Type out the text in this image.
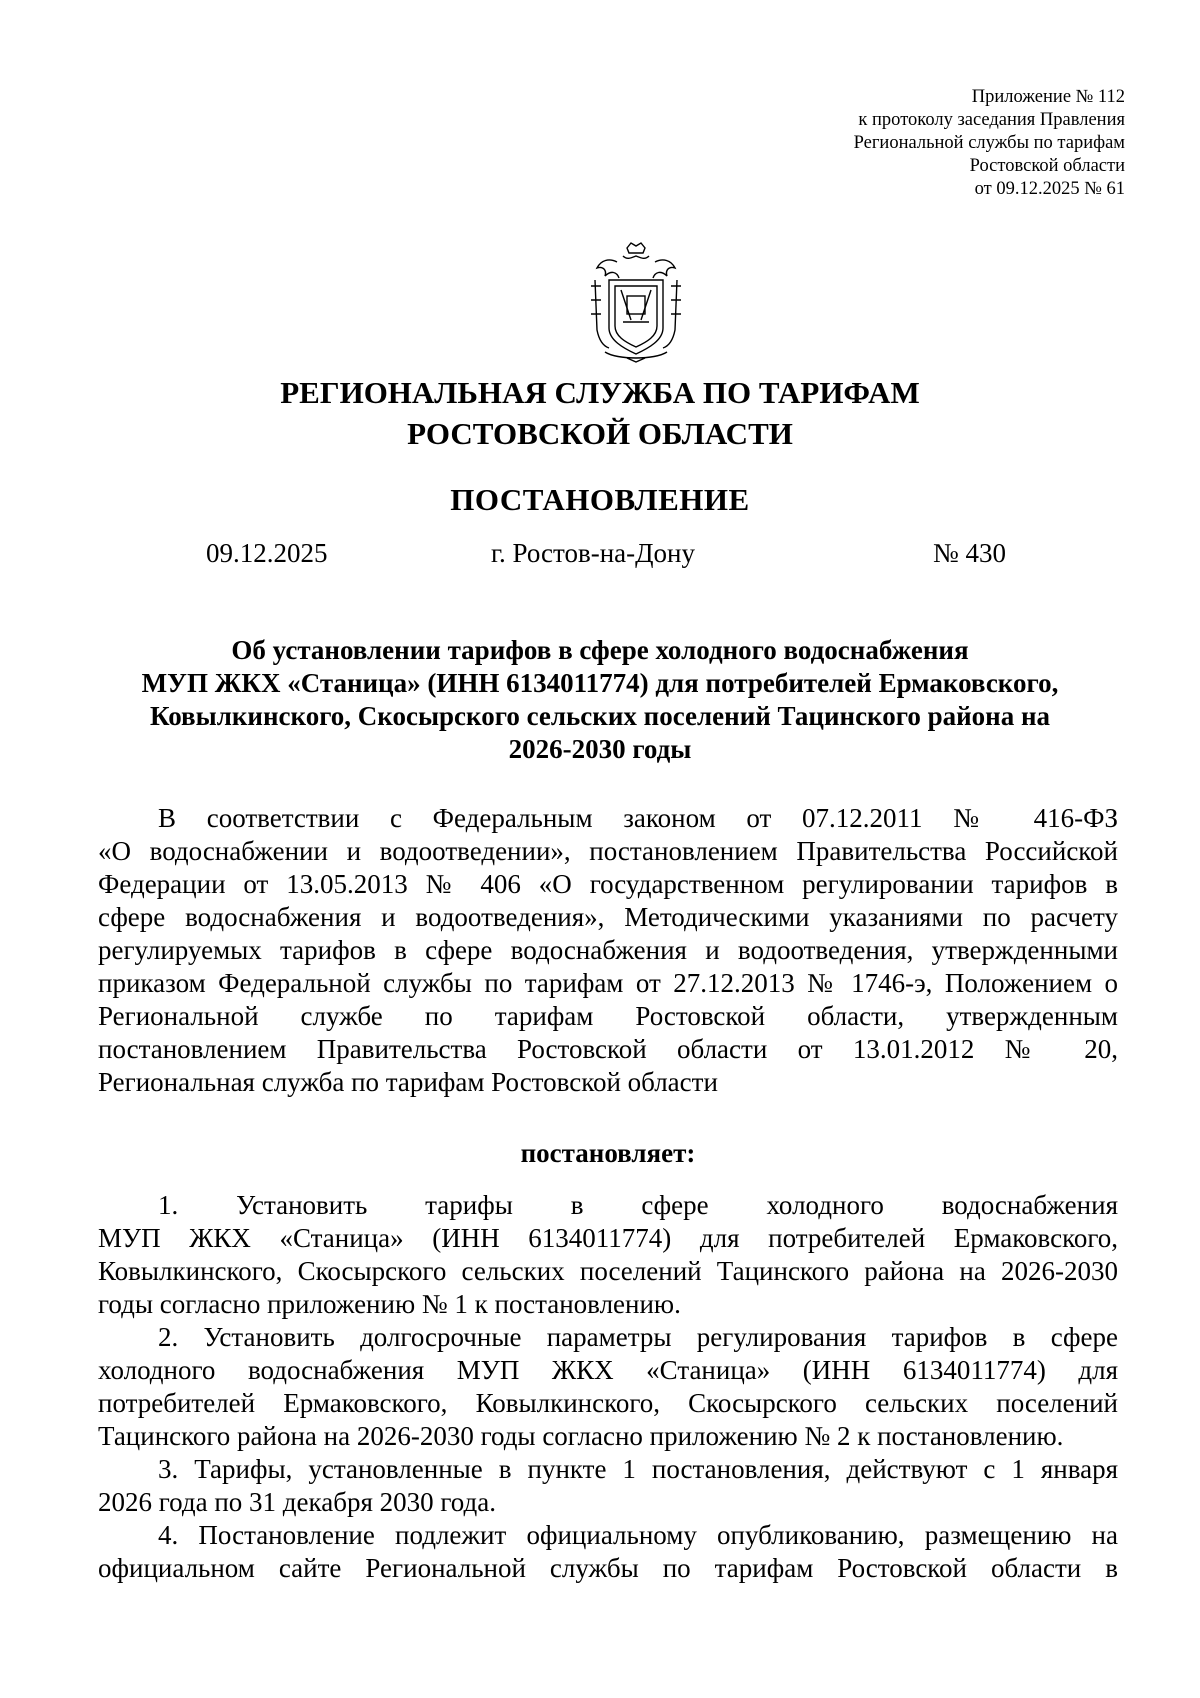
Приложение № 112
к протоколу заседания Правления
Региональной службы по тарифам
Ростовской области
от 09.12.2025 № 61
РЕГИОНАЛЬНАЯ СЛУЖБА ПО ТАРИФАМ
РОСТОВСКОЙ ОБЛАСТИ
ПОСТАНОВЛЕНИЕ
09.12.2025	г. Ростов-на-Дону	№ 430
Об установлении тарифов в сфере холодного водоснабжения
МУП ЖКХ «Станица» (ИНН 6134011774) для потребителей Ермаковского,
Ковылкинского, Скосырского сельских поселений Тацинского района на
2026-2030 годы
В соответствии с Федеральным законом от 07.12.2011 № 416-ФЗ
«О водоснабжении и водоотведении», постановлением Правительства Российской
Федерации от 13.05.2013 № 406 «О государственном регулировании тарифов в
сфере водоснабжения и водоотведения», Методическими указаниями по расчету
регулируемых тарифов в сфере водоснабжения и водоотведения, утвержденными
приказом Федеральной службы по тарифам от 27.12.2013 № 1746-э, Положением о
Региональной службе по тарифам Ростовской области, утвержденным
постановлением Правительства Ростовской области от 13.01.2012 № 20,
Региональная служба по тарифам Ростовской области
постановляет:
1. Установить тарифы в сфере холодного водоснабжения
МУП ЖКХ «Станица» (ИНН 6134011774) для потребителей Ермаковского,
Ковылкинского, Скосырского сельских поселений Тацинского района на 2026-2030
годы согласно приложению № 1 к постановлению.
2. Установить долгосрочные параметры регулирования тарифов в сфере
холодного водоснабжения МУП ЖКХ «Станица» (ИНН 6134011774) для
потребителей Ермаковского, Ковылкинского, Скосырского сельских поселений
Тацинского района на 2026-2030 годы согласно приложению № 2 к постановлению.
3. Тарифы, установленные в пункте 1 постановления, действуют с 1 января
2026 года по 31 декабря 2030 года.
4. Постановление подлежит официальному опубликованию, размещению на
официальном сайте Региональной службы по тарифам Ростовской области в
